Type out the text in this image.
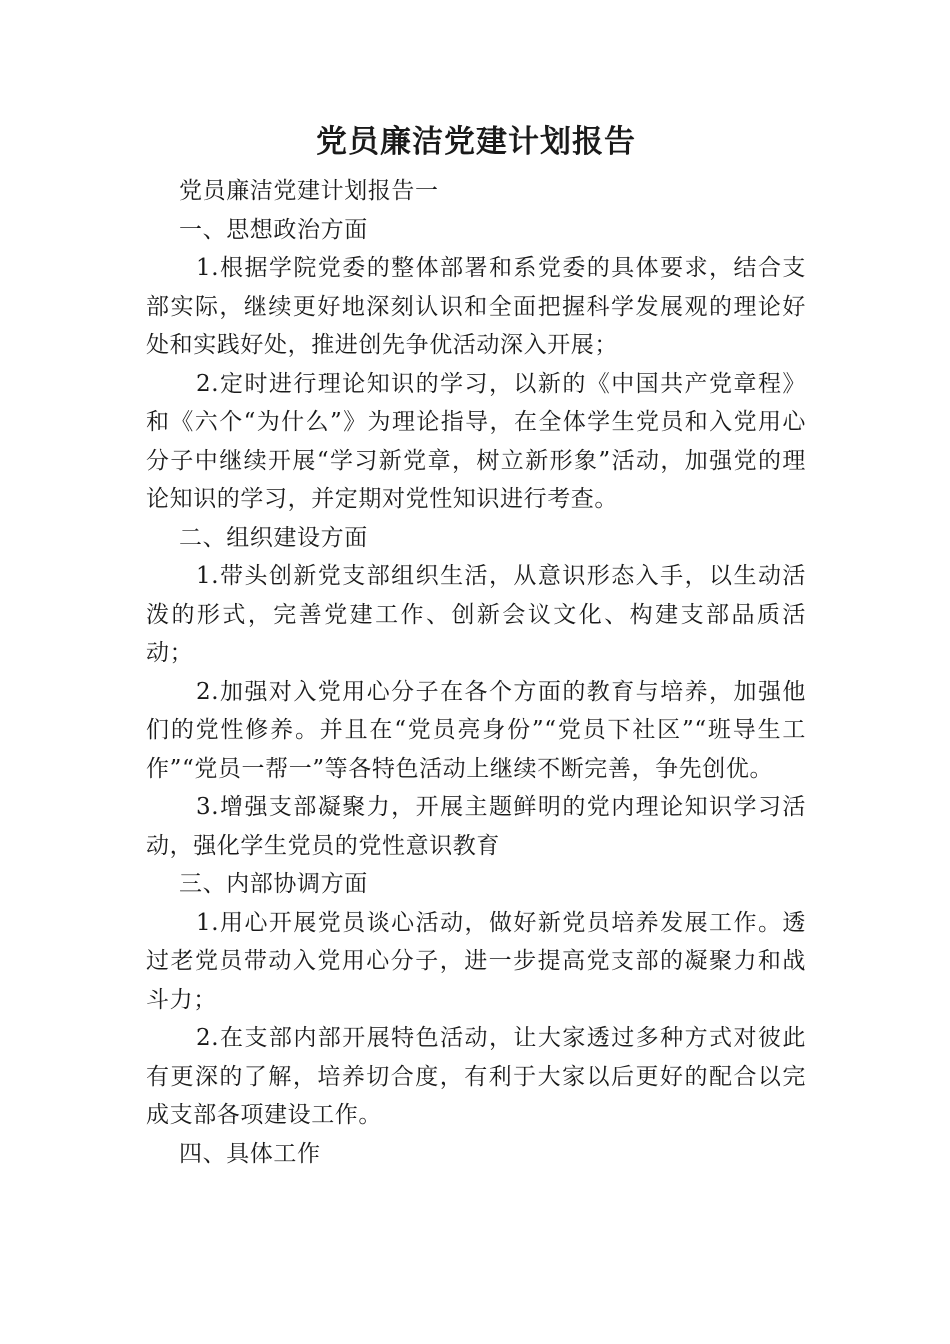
党员廉洁党建计划报告

党员廉洁党建计划报告一

一、思想政治方面

1.根据学院党委的整体部署和系党委的具体要求，结合支部实际，继续更好地深刻认识和全面把握科学发展观的理论好处和实践好处，推进创先争优活动深入开展；

2.定时进行理论知识的学习，以新的《中国共产党章程》和《六个“为什么”》为理论指导，在全体学生党员和入党用心分子中继续开展“学习新党章，树立新形象”活动，加强党的理论知识的学习，并定期对党性知识进行考查。

二、组织建设方面

1.带头创新党支部组织生活，从意识形态入手，以生动活泼的形式，完善党建工作、创新会议文化、构建支部品质活动；

2.加强对入党用心分子在各个方面的教育与培养，加强他们的党性修养。并且在“党员亮身份”“党员下社区”“班导生工作”“党员一帮一”等各特色活动上继续不断完善，争先创优。

3.增强支部凝聚力，开展主题鲜明的党内理论知识学习活动，强化学生党员的党性意识教育

三、内部协调方面

1.用心开展党员谈心活动，做好新党员培养发展工作。透过老党员带动入党用心分子，进一步提高党支部的凝聚力和战斗力；

2.在支部内部开展特色活动，让大家透过多种方式对彼此有更深的了解，培养切合度，有利于大家以后更好的配合以完成支部各项建设工作。

四、具体工作
